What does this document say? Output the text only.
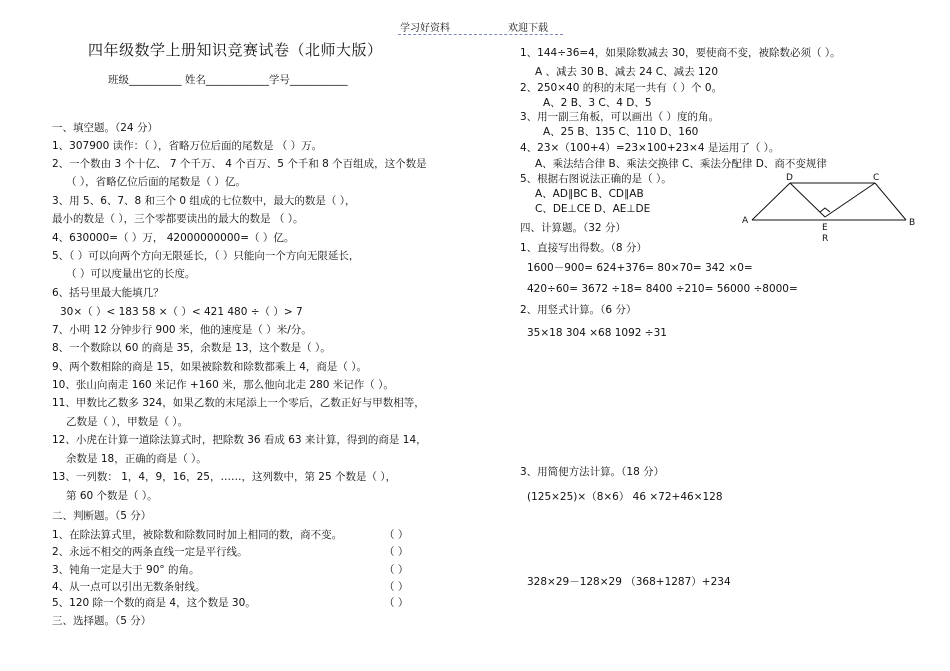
学习好资料	欢迎下载
四年级数学上册知识竞赛试卷（北师大版）
班级__________ 姓名____________学号___________
一、填空题。（24 分）
1、307900 读作：（ ），省略万位后面的尾数是 （ ）万。
2、一个数由 3 个十亿、 7 个千万、 4 个百万、5 个千和 8 个百组成，这个数是
（ ），省略亿位后面的尾数是（ ）亿。
3、用 5、6、7、8 和三个 0 组成的七位数中，最大的数是（ ），
最小的数是（ ），三个零都要读出的最大的数是 （ ）。
4、630000=（ ）万， 42000000000=（ ）亿。
5、（ ）可以向两个方向无限延长，（ ）只能向一个方向无限延长，
（ ）可以度量出它的长度。
6、括号里最大能填几？
30×（ ）< 183 58 ×（ ）< 421 480 ÷（ ）> 7
7、小明 12 分钟步行 900 米，他的速度是（ ）米/分。
8、一个数除以 60 的商是 35，余数是 13，这个数是（ ）。
9、两个数相除的商是 15，如果被除数和除数都乘上 4，商是（ ）。
10、张山向南走 160 米记作 +160 米，那么他向北走 280 米记作（ ）。
11、甲数比乙数多 324，如果乙数的末尾添上一个零后，乙数正好与甲数相等，
乙数是（ ），甲数是（ ）。
12、小虎在计算一道除法算式时，把除数 36 看成 63 来计算，得到的商是 14，
余数是 18，正确的商是（ ）。
13、一列数： 1，4，9，16，25，……，这列数中，第 25 个数是（ ），
第 60 个数是（ ）。
二、判断题。（5 分）
1、在除法算式里，被除数和除数同时加上相同的数，商不变。
2、永远不相交的两条直线一定是平行线。
3、钝角一定是大于 90° 的角。
4、从一点可以引出无数条射线。
5、120 除一个数的商是 4，这个数是 30。
三、选择题。（5 分）
（ ）
（ ）
（ ）
（ ）
（ ）
1、144÷36=4，如果除数减去 30，要使商不变，被除数必须（ ）。
A 、减去 30 B、减去 24 C、减去 120
2、250×40 的积的末尾一共有（ ）个 0。
A、2 B、3 C、4 D、5
3、用一副三角板，可以画出（ ）度的角。
A、25 B、135 C、110 D、160
4、23×（100+4）=23×100+23×4 是运用了（ ）。
A、乘法结合律 B、乘法交换律 C、乘法分配律 D、商不变规律
5、根据右图说法正确的是（ ）。
A、AD∥BC B、CD∥AB
C、DE⊥CE D、AE⊥DE
四、计算题。（32 分）
1、直接写出得数。（8 分）
1600－900= 624+376= 80×70= 342 ×0=
420÷60= 3672 ÷18= 8400 ÷210= 56000 ÷8000=
2、用竖式计算。（6 分）
35×18 304 ×68 1092 ÷31
3、用简便方法计算。（18 分）
(125×25)×（8×6） 46 ×72+46×128
328×29－128×29 （368+1287）+234
A	B
C
D
E
R
